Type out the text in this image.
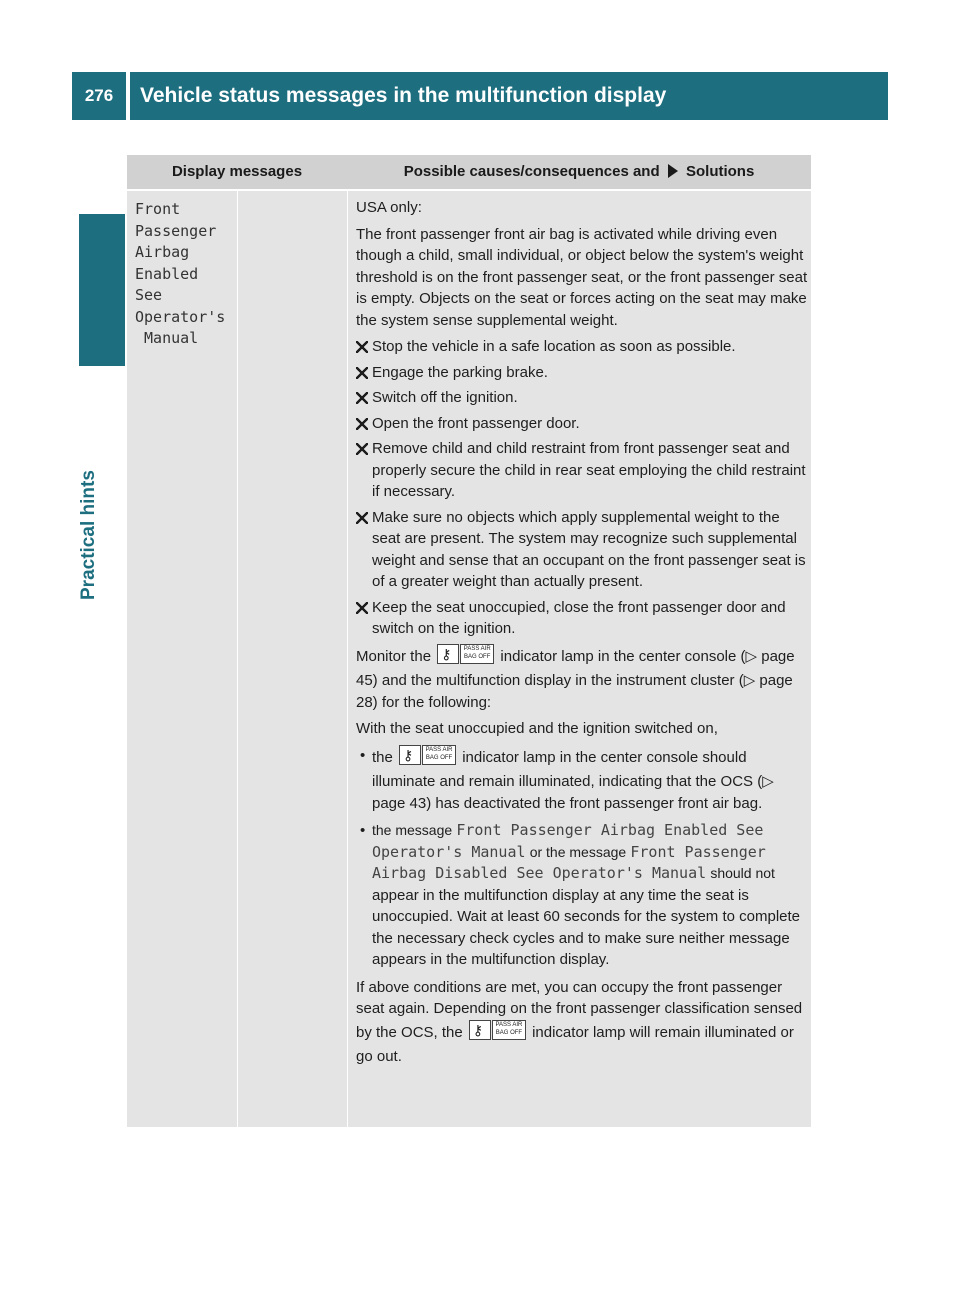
276	Vehicle status messages in the multifunction display
Practical hints
Display messages	Possible causes/consequences and Solutions
Front
Passenger
Airbag
Enabled
See
Operator's
Manual

USA only:

The front passenger front air bag is activated while driving even though a child, small individual, or object below the system's weight threshold is on the front passenger seat, or the front passenger seat is empty. Objects on the seat or forces acting on the seat may make the system sense supplemental weight.

Stop the vehicle in a safe location as soon as possible.
Engage the parking brake.
Switch off the ignition.
Open the front passenger door.
Remove child and child restraint from front passenger seat and properly secure the child in rear seat employing the child restraint if necessary.
Make sure no objects which apply supplemental weight to the seat are present. The system may recognize such supplemental weight and sense that an occupant on the front passenger seat is of a greater weight than actually present.
Keep the seat unoccupied, close the front passenger door and switch on the ignition.

Monitor the ⚷	PASS AIR BAG OFF indicator lamp in the center console (▷ page 45) and the multifunction display in the instrument cluster (▷ page 28) for the following:

With the seat unoccupied and the ignition switched on,

• the ⚷	PASS AIR BAG OFF indicator lamp in the center console should illuminate and remain illuminated, indicating that the OCS (▷ page 43) has deactivated the front passenger front air bag.
• the message Front Passenger Airbag Enabled See Operator's Manual or the message Front Passenger Airbag Disabled See Operator's Manual should not appear in the multifunction display at any time the seat is unoccupied. Wait at least 60 seconds for the system to complete the necessary check cycles and to make sure neither message appears in the multifunction display.

If above conditions are met, you can occupy the front passenger seat again. Depending on the front passenger classification sensed by the OCS, the ⚷	PASS AIR BAG OFF indicator lamp will remain illuminated or go out.
